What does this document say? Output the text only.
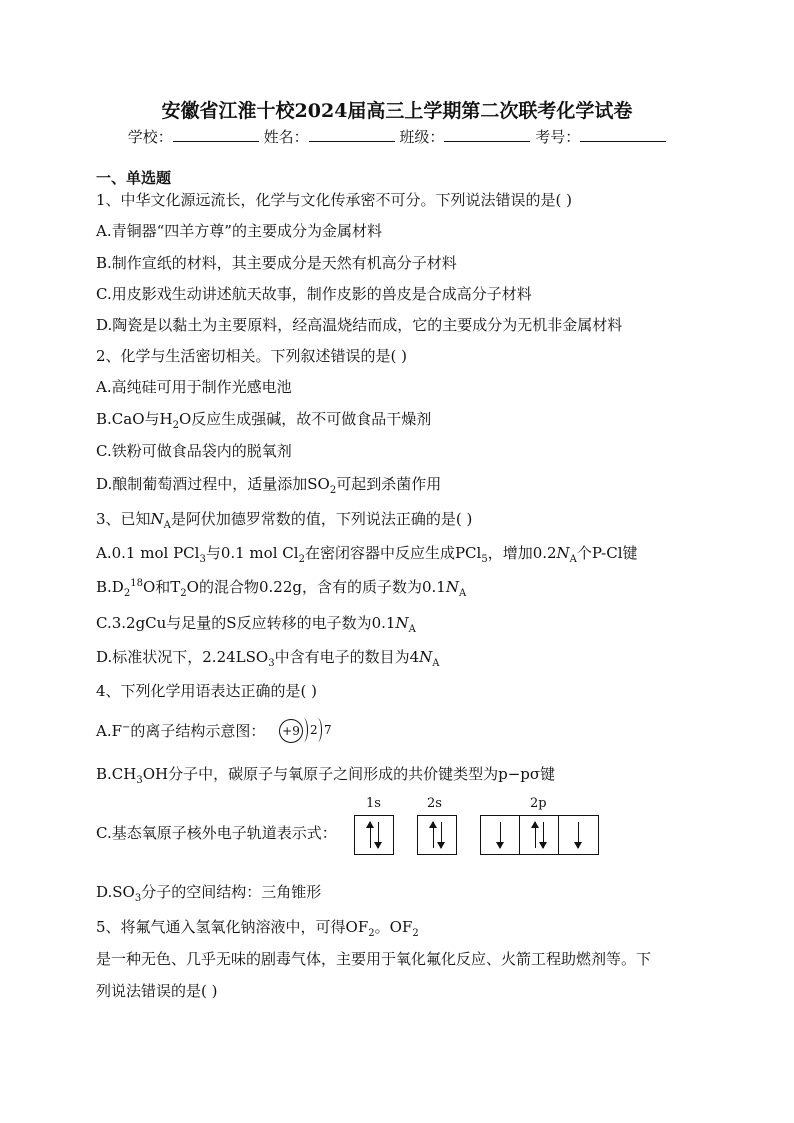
安徽省江淮十校2024届高三上学期第二次联考化学试卷
学校：	姓名：	班级：	考号：
一、单选题
1、中华文化源远流长，化学与文化传承密不可分。下列说法错误的是( )
A.青铜器“四羊方尊”的主要成分为金属材料
B.制作宣纸的材料，其主要成分是天然有机高分子材料
C.用皮影戏生动讲述航天故事，制作皮影的兽皮是合成高分子材料
D.陶瓷是以黏土为主要原料，经高温烧结而成，它的主要成分为无机非金属材料
2、化学与生活密切相关。下列叙述错误的是( )
A.高纯硅可用于制作光感电池
B.CaO与$H_2O$反应生成强碱，故不可做食品干燥剂
C.铁粉可做食品袋内的脱氧剂
D.酿制葡萄酒过程中，适量添加$SO_2$可起到杀菌作用
3、已知$N_A$是阿伏加德罗常数的值，下列说法正确的是( )
A.0.1 mol PCl$_3$与0.1 mol $Cl_2$在密闭容器中反应生成PCl$_5$，增加$0.2N_A$个P-Cl键
$B.D_2^{18}O$和$T_2O$的混合物0.22g，含有的质子数为$0.1N_A$
C.3.2gCu与足量的S反应转移的电子数为$0.1N_A$
D.标准状况下，$2.24LSO_3$中含有电子的数目为$4N_A$
4、下列化学用语表达正确的是( )
A.F−的离子结构示意图： +9 2 7
$B.CH_3OH$分子中，碳原子与氧原子之间形成的共价键类型为p−pσ键
C.基态氧原子核外电子轨道表示式：
1s	2s	2p
$D.SO_3$分子的空间结构：三角锥形
5、将氟气通入氢氧化钠溶液中，可得$OF_2$。$OF_2$
是一种无色、几乎无味的剧毒气体，主要用于氧化氟化反应、火箭工程助燃剂等。下
列说法错误的是( )
